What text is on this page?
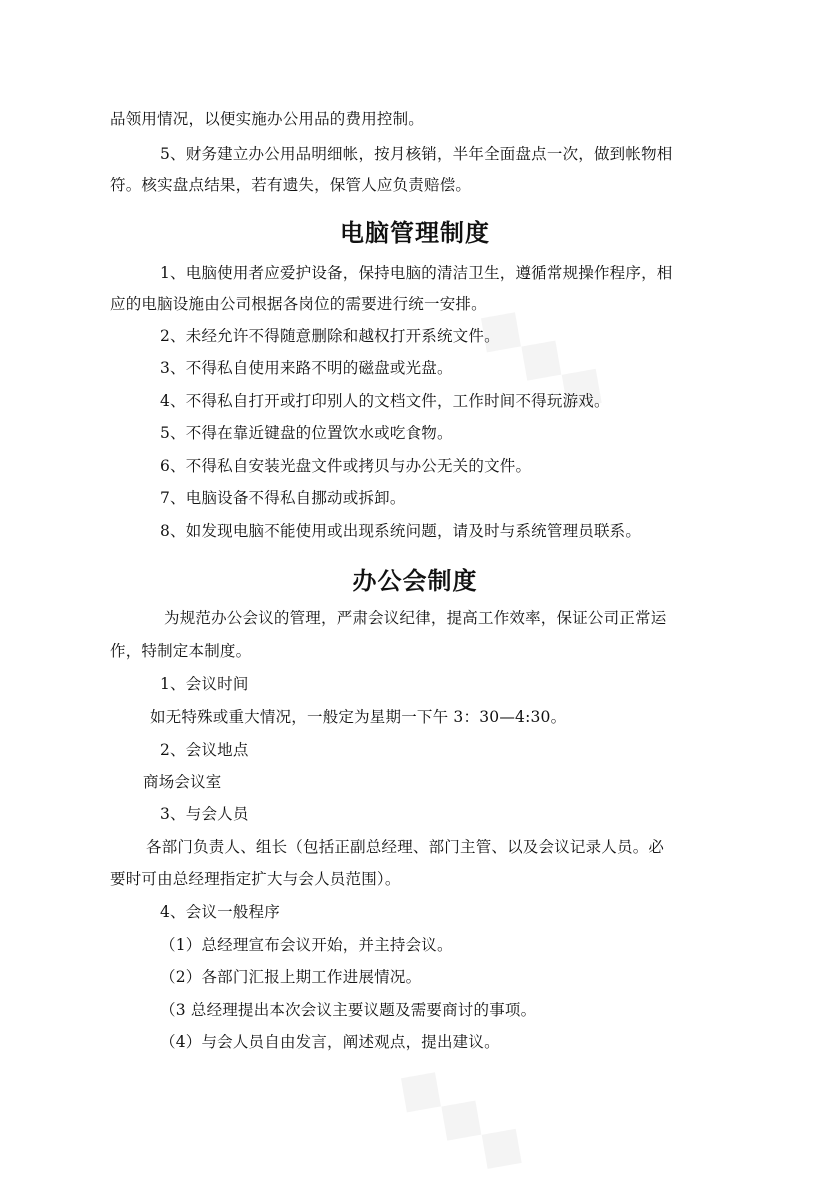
品领用情况，以便实施办公用品的费用控制。
5、财务建立办公用品明细帐，按月核销，半年全面盘点一次，做到帐物相
符。核实盘点结果，若有遗失，保管人应负责赔偿。
电脑管理制度
1、电脑使用者应爱护设备，保持电脑的清洁卫生，遵循常规操作程序，相
应的电脑设施由公司根据各岗位的需要进行统一安排。
2、未经允许不得随意删除和越权打开系统文件。
3、不得私自使用来路不明的磁盘或光盘。
4、不得私自打开或打印别人的文档文件，工作时间不得玩游戏。
5、不得在靠近键盘的位置饮水或吃食物。
6、不得私自安装光盘文件或拷贝与办公无关的文件。
7、电脑设备不得私自挪动或拆卸。
8、如发现电脑不能使用或出现系统问题，请及时与系统管理员联系。
办公会制度
为规范办公会议的管理，严肃会议纪律，提高工作效率，保证公司正常运
作，特制定本制度。
1、会议时间
如无特殊或重大情况，一般定为星期一下午 3：30—4:30。
2、会议地点
商场会议室
3、与会人员
各部门负责人、组长（包括正副总经理、部门主管、以及会议记录人员。必
要时可由总经理指定扩大与会人员范围）。
4、会议一般程序
（1）总经理宣布会议开始，并主持会议。
（2）各部门汇报上期工作进展情况。
（3 总经理提出本次会议主要议题及需要商讨的事项。
（4）与会人员自由发言，阐述观点，提出建议。
